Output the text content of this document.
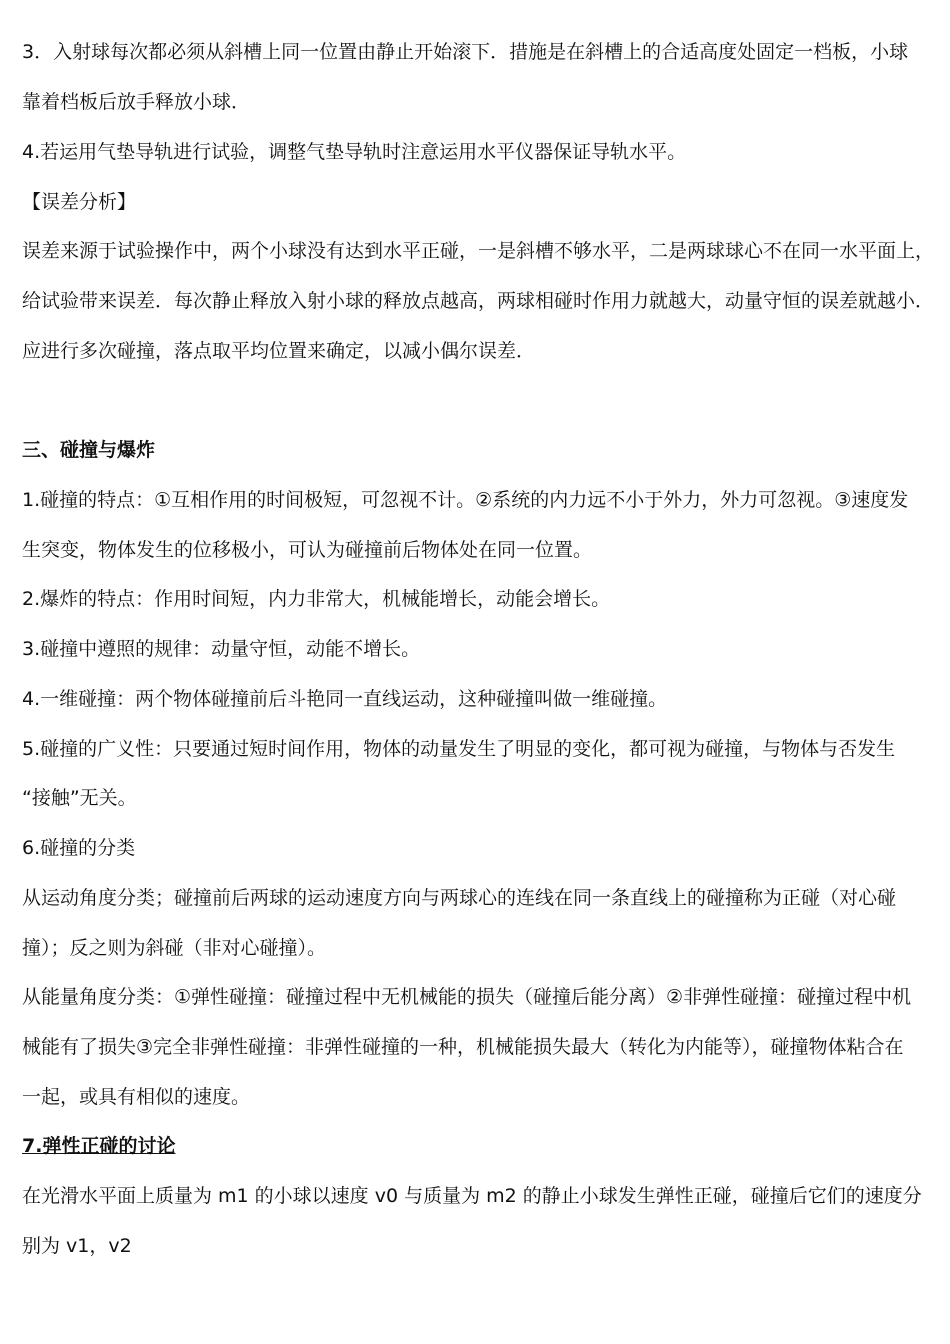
3．入射球每次都必须从斜槽上同一位置由静止开始滚下．措施是在斜槽上的合适高度处固定一档板，小球
靠着档板后放手释放小球．
4.若运用气垫导轨进行试验，调整气垫导轨时注意运用水平仪器保证导轨水平。
【误差分析】
误差来源于试验操作中，两个小球没有达到水平正碰，一是斜槽不够水平，二是两球球心不在同一水平面上，
给试验带来误差．每次静止释放入射小球的释放点越高，两球相碰时作用力就越大，动量守恒的误差就越小．
应进行多次碰撞，落点取平均位置来确定，以减小偶尔误差．
三、碰撞与爆炸
1.碰撞的特点：①互相作用的时间极短，可忽视不计。②系统的内力远不小于外力，外力可忽视。③速度发
生突变，物体发生的位移极小，可认为碰撞前后物体处在同一位置。
2.爆炸的特点：作用时间短，内力非常大，机械能增长，动能会增长。
3.碰撞中遵照的规律：动量守恒，动能不增长。
4.一维碰撞：两个物体碰撞前后斗艳同一直线运动，这种碰撞叫做一维碰撞。
5.碰撞的广义性：只要通过短时间作用，物体的动量发生了明显的变化，都可视为碰撞，与物体与否发生
“接触”无关。
6.碰撞的分类
从运动角度分类；碰撞前后两球的运动速度方向与两球心的连线在同一条直线上的碰撞称为正碰（对心碰
撞）；反之则为斜碰（非对心碰撞）。
从能量角度分类：①弹性碰撞：碰撞过程中无机械能的损失（碰撞后能分离）②非弹性碰撞：碰撞过程中机
械能有了损失③完全非弹性碰撞：非弹性碰撞的一种，机械能损失最大（转化为内能等），碰撞物体粘合在
一起，或具有相似的速度。
7.弹性正碰的讨论
在光滑水平面上质量为 m1 的小球以速度 v0 与质量为 m2 的静止小球发生弹性正碰，碰撞后它们的速度分
别为 v1，v2
